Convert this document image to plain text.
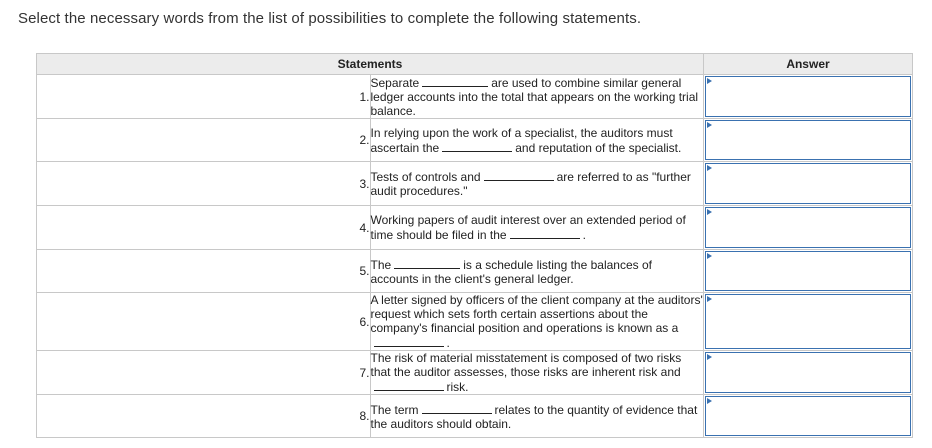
Select the necessary words from the list of possibilities to complete the following statements.
Statements		Answer
1.	Separate are used to combine similar general ledger accounts into the total that appears on the working trial balance.	

2.	In relying upon the work of a specialist, the auditors must ascertain the and reputation of the specialist.	

3.	Tests of controls and are referred to as "further audit procedures."	

4.	Working papers of audit interest over an extended period of time should be filed in the .	

5.	The is a schedule listing the balances of accounts in the client's general ledger.	

6.	A letter signed by officers of the client company at the auditors' request which sets forth certain assertions about the company's financial position and operations is known as a.	

7.	The risk of material misstatement is composed of two risks that the auditor assesses, those risks are inherent risk andrisk.	

8.	The term relates to the quantity of evidence that the auditors should obtain.	
